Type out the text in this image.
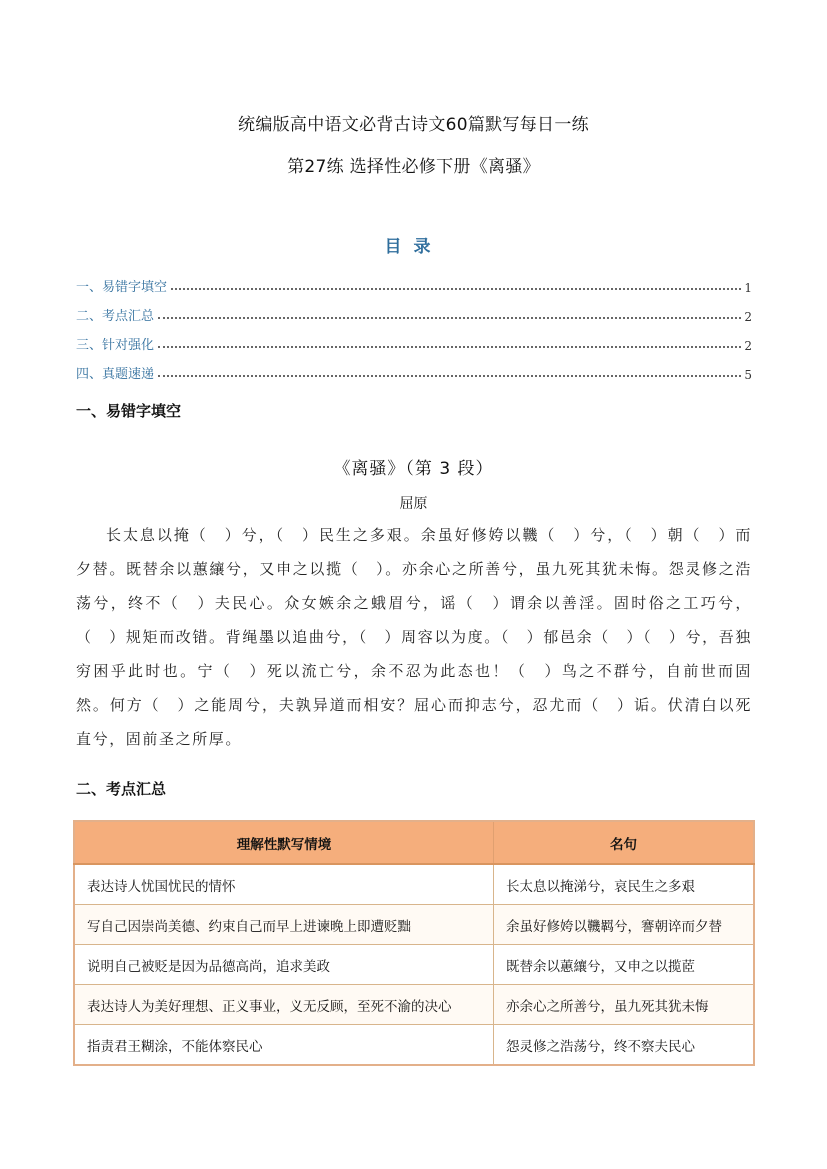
统编版高中语文必背古诗文60篇默写每日一练
第27练 选择性必修下册《离骚》
目录
一、易错字填空	1
二、考点汇总	2
三、针对强化	2
四、真题速递	5
一、易错字填空
《离骚》（第 3 段）
屈原
长太息以掩（　）兮，（　）民生之多艰。余虽好修姱以鞿（　）兮，（　）朝（　）而夕替。既替余以蕙纕兮，又申之以揽（　）。亦余心之所善兮，虽九死其犹未悔。怨灵修之浩荡兮，终不（　）夫民心。众女嫉余之蛾眉兮，谣（　）谓余以善淫。固时俗之工巧兮，（　）规矩而改错。背绳墨以追曲兮，（　）周容以为度。（　）郁邑余（　）（　）兮，吾独穷困乎此时也。宁（　）死以流亡兮，余不忍为此态也！（　）鸟之不群兮，自前世而固然。何方（　）之能周兮，夫孰异道而相安？屈心而抑志兮，忍尤而（　）诟。伏清白以死直兮，固前圣之所厚。
二、考点汇总
理解性默写情境	名句
表达诗人忧国忧民的情怀	长太息以掩涕兮，哀民生之多艰
写自己因崇尚美德、约束自己而早上进谏晚上即遭贬黜	余虽好修姱以鞿羁兮，謇朝谇而夕替
说明自己被贬是因为品德高尚，追求美政	既替余以蕙纕兮，又申之以揽茝
表达诗人为美好理想、正义事业，义无反顾，至死不渝的决心	亦余心之所善兮，虽九死其犹未悔
指责君王糊涂，不能体察民心	怨灵修之浩荡兮，终不察夫民心
